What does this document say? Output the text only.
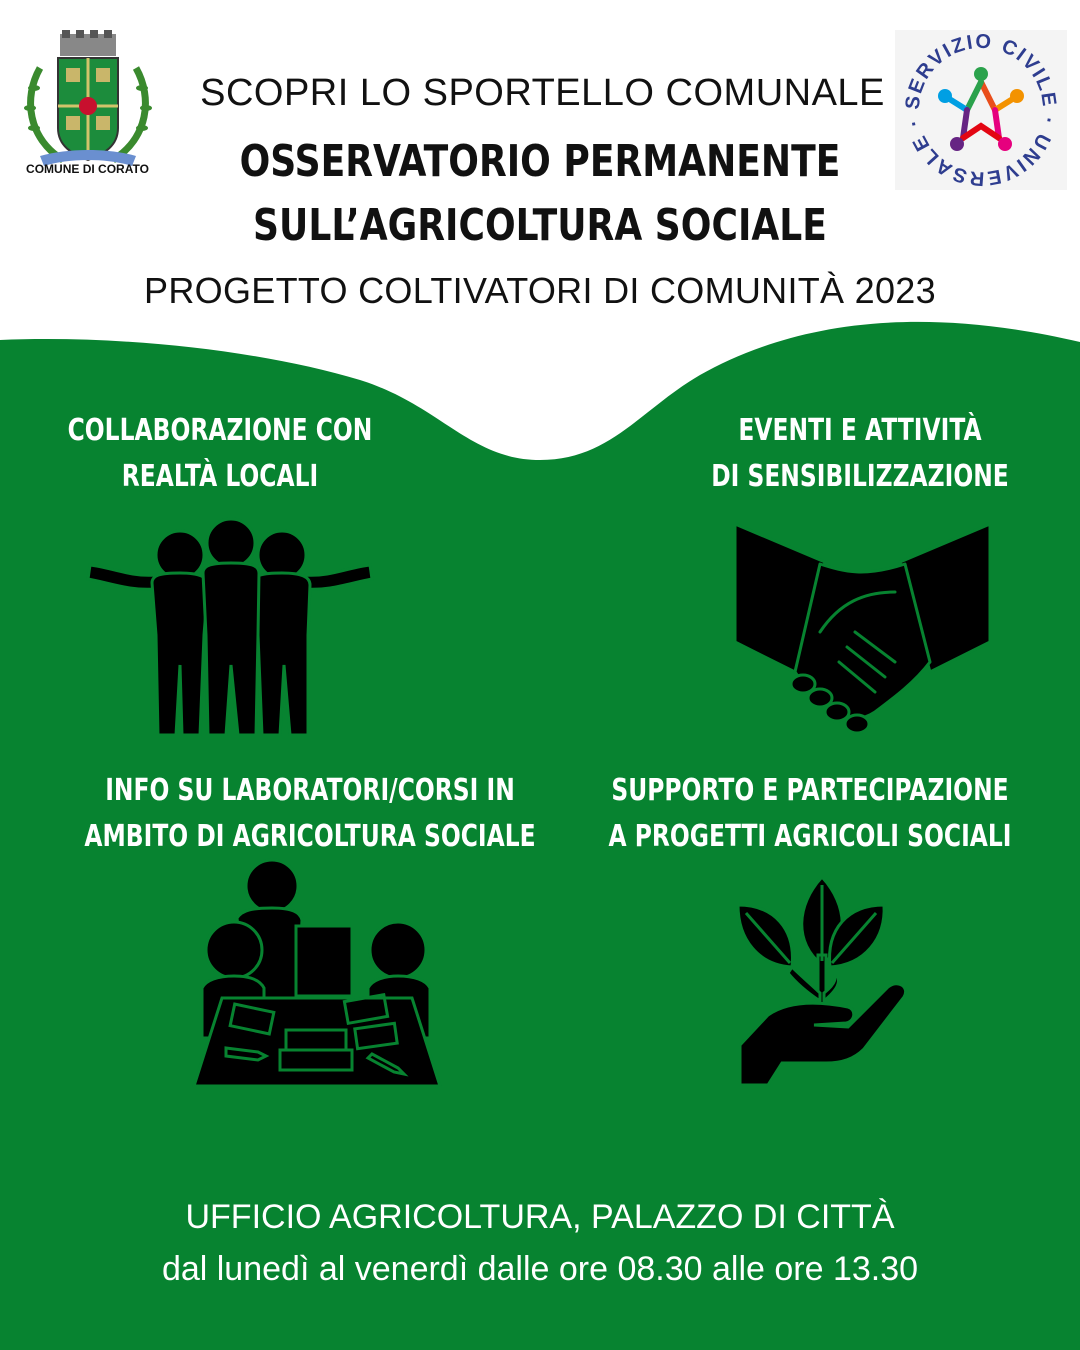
COMUNE DI CORATO
SERVIZIO CIVILE · UNIVERSALE ·
SCOPRI LO SPORTELLO COMUNALE
OSSERVATORIO PERMANENTE
SULL’AGRICOLTURA SOCIALE
PROGETTO COLTIVATORI DI COMUNITÀ 2023
COLLABORAZIONE CON
REALTÀ LOCALI
EVENTI E ATTIVITÀ
DI SENSIBILIZZAZIONE
INFO SU LABORATORI/CORSI IN
AMBITO DI AGRICOLTURA SOCIALE
SUPPORTO E PARTECIPAZIONE
A PROGETTI AGRICOLI SOCIALI
UFFICIO AGRICOLTURA, PALAZZO DI CITTÀ
dal lunedì al venerdì dalle ore 08.30 alle ore 13.30
